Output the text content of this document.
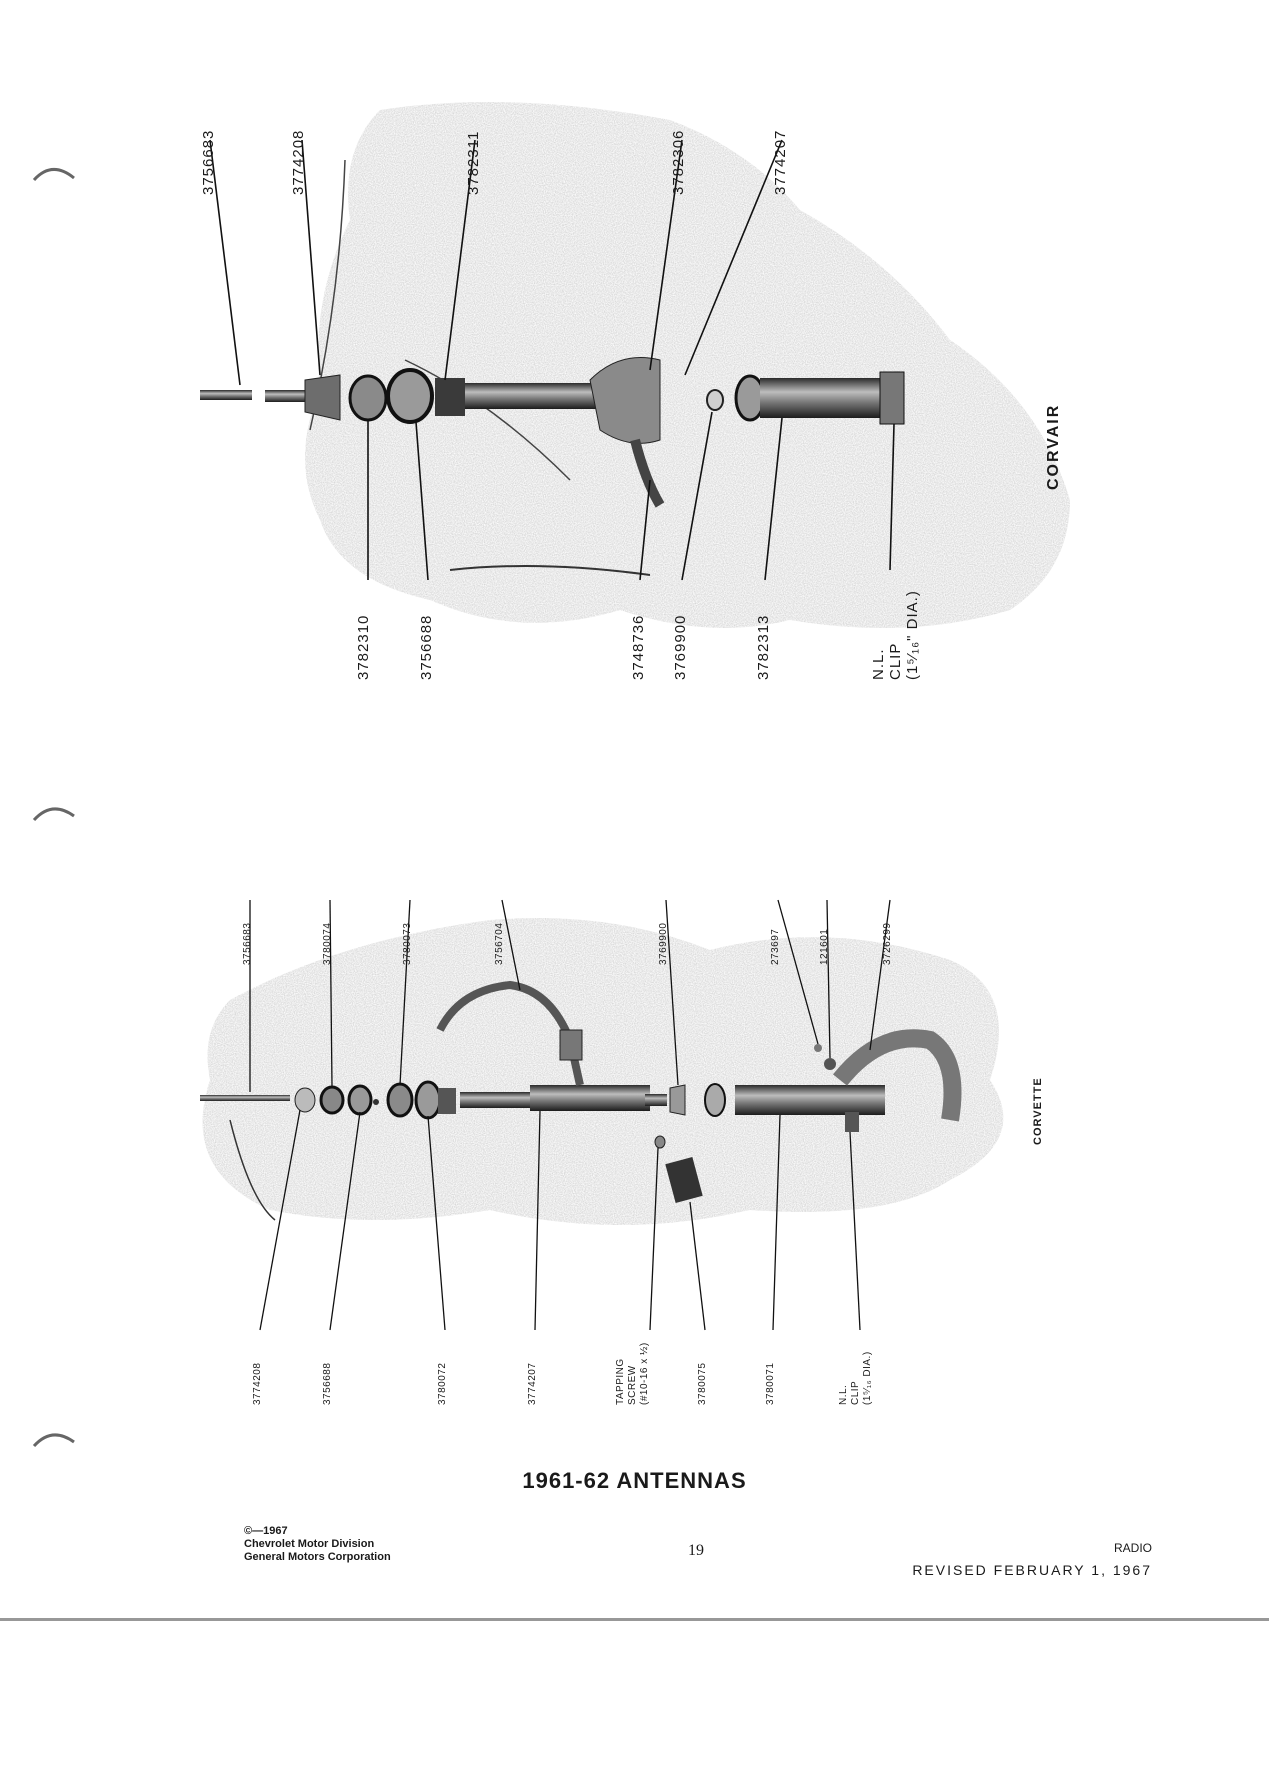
3756683	3774208	3782311	3782306	3774207
3782310	3756688	3748736 3769900	3782313	N.L. CLIP (1⁵⁄₁₆" DIA.)
CORVAIR
3756683	3780074	3780073	3756704	3769900	273697	121601	3726299
3774208	3756688	3780072	3774207	TAPPING SCREW (#10-16 x ½)	3780075	3780071	N.L. CLIP (1⁵⁄₁₆ DIA.)
CORVETTE
1961-62 ANTENNAS
©—1967
Chevrolet Motor Division
General Motors Corporation	19	RADIO
REVISED FEBRUARY 1, 1967
